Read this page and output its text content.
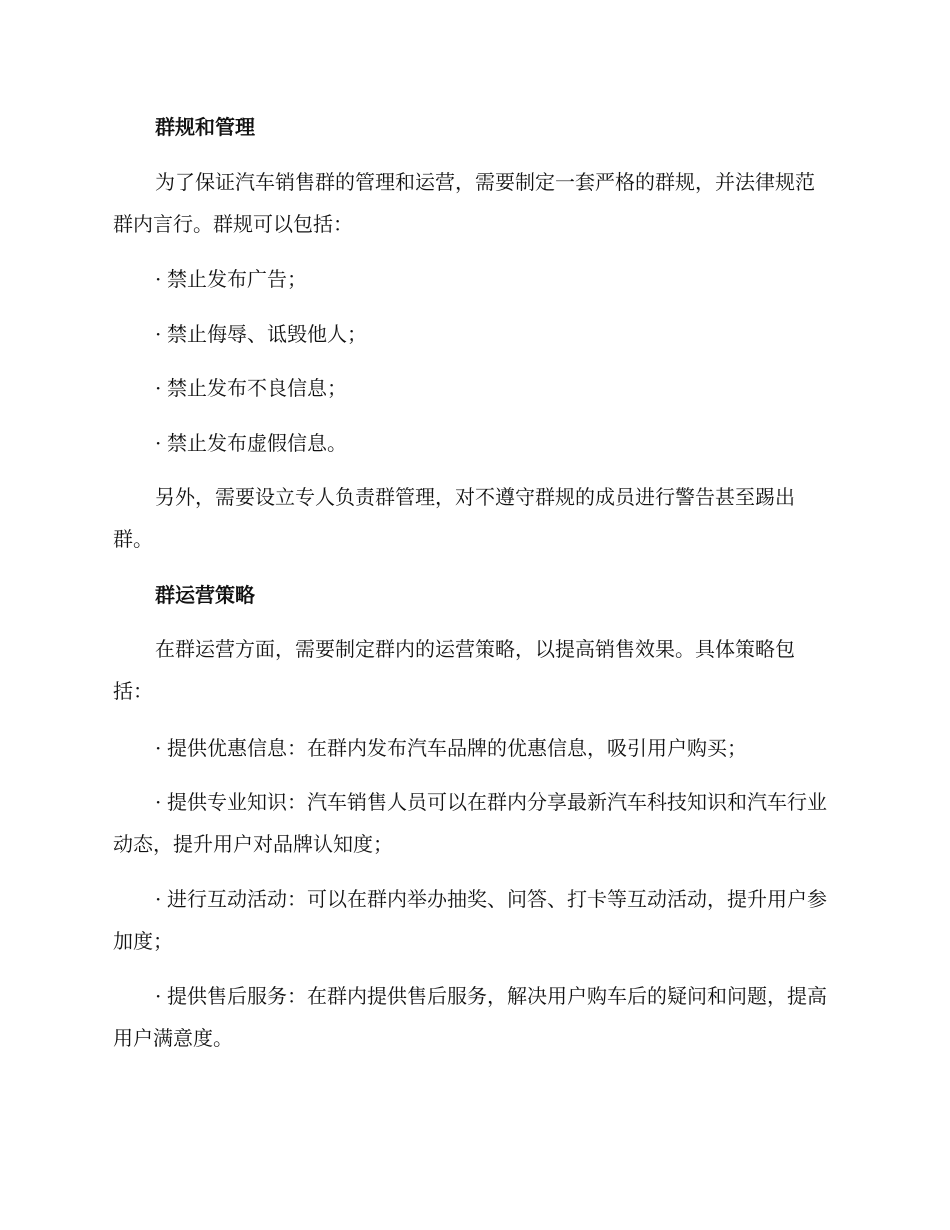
群规和管理

为了保证汽车销售群的管理和运营，需要制定一套严格的群规，并法律规范群内言行。群规可以包括：

· 禁止发布广告；

· 禁止侮辱、诋毁他人；

· 禁止发布不良信息；

· 禁止发布虚假信息。

另外，需要设立专人负责群管理，对不遵守群规的成员进行警告甚至踢出群。

群运营策略

在群运营方面，需要制定群内的运营策略，以提高销售效果。具体策略包括：

· 提供优惠信息：在群内发布汽车品牌的优惠信息，吸引用户购买；

· 提供专业知识：汽车销售人员可以在群内分享最新汽车科技知识和汽车行业动态，提升用户对品牌认知度；

· 进行互动活动：可以在群内举办抽奖、问答、打卡等互动活动，提升用户参加度；

· 提供售后服务：在群内提供售后服务，解决用户购车后的疑问和问题，提高用户满意度。
